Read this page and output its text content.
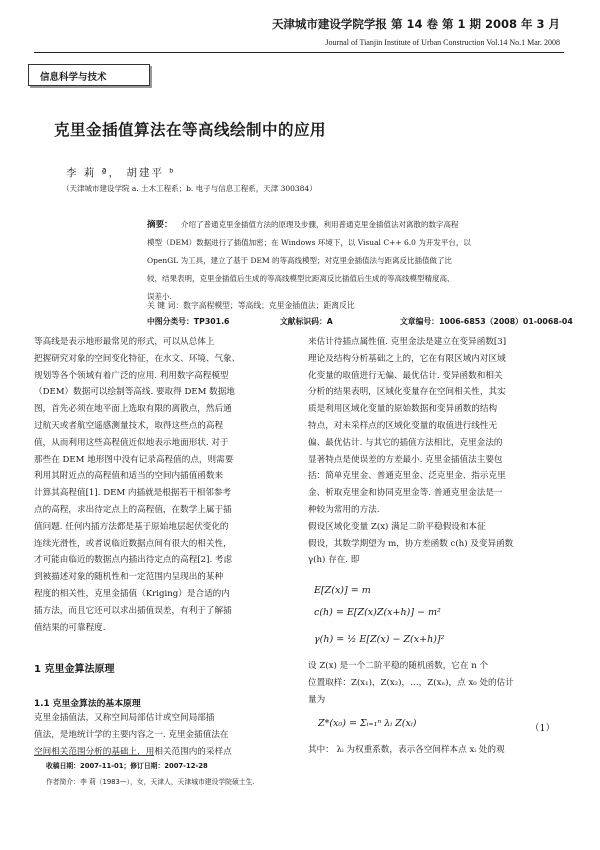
天津城市建设学院学报 第 14 卷 第 1 期 2008 年 3 月
Journal of Tianjin Institute of Urban Construction Vol.14 No.1 Mar. 2008
信息科学与技术
克里金插值算法在等高线绘制中的应用
李 莉 ª， 胡建平 ᵇ
（天津城市建设学院 a. 土木工程系；b. 电子与信息工程系，天津 300384）
摘要： 介绍了普通克里金插值方法的原理及步骤，利用普通克里金插值法对离散的数字高程
模型（DEM）数据进行了插值加密；在 Windows 环境下，以 Visual C++ 6.0 为开发平台，以
OpenGL 为工具，建立了基于 DEM 的等高线模型；对克里金插值法与距离反比插值做了比
较，结果表明，克里金插值后生成的等高线模型比距离反比插值后生成的等高线模型精度高、
误差小.
关 键 词：数字高程模型；等高线；克里金插值法；距离反比
中图分类号：TP301.6	文献标识码：A	文章编号：1006-6853（2008）01-0068-04
等高线是表示地形最常见的形式，可以从总体上
把握研究对象的空间变化特征，在水文、环境、气象、
规划等各个领域有着广泛的应用. 利用数字高程模型
（DEM）数据可以绘制等高线. 要取得 DEM 数据地
图，首先必须在地平面上选取有限的离散点，然后通
过航天或者航空遥感测量技术，取得这些点的高程
值，从而利用这些高程值近似地表示地面形状. 对于
那些在 DEM 地形图中没有记录高程值的点，则需要
利用其附近点的高程值和适当的空间内插值函数来
计算其高程值[1]. DEM 内插就是根据若干相邻参考
点的高程，求出待定点上的高程值，在数学上属于插
值问题. 任何内插方法都是基于原始地层起伏变化的
连续光滑性，或者说临近数据点间有很大的相关性，
才可能由临近的数据点内插出待定点的高程[2]. 考虑
到被描述对象的随机性和一定范围内呈现出的某种
程度的相关性，克里金插值（Kriging）是合适的内
插方法，而且它还可以求出插值误差，有利于了解插
值结果的可靠程度.
1 克里金算法原理
1.1 克里金算法的基本原理
克里金插值法，又称空间局部估计或空间局部插
值法，是地统计学的主要内容之一. 克里金插值法在
空间相关范围分析的基础上，用相关范围内的采样点
来估计待插点属性值. 克里金法是建立在变异函数[3]
理论及结构分析基础之上的，它在有限区域内对区域
化变量的取值进行无偏、最优估计. 变异函数和相关
分析的结果表明，区域化变量存在空间相关性，其实
质是利用区域化变量的原始数据和变异函数的结构
特点，对未采样点的区域化变量的取值进行线性无
偏、最优估计. 与其它的插值方法相比，克里金法的
显著特点是使误差的方差最小. 克里金插值法主要包
括：简单克里金、普通克里金、泛克里金、指示克里
金、析取克里金和协同克里金等. 普通克里金法是一
种较为常用的方法.
假设区域化变量 Z(x) 满足二阶平稳假设和本征
假设，其数学期望为 m，协方差函数 c(h) 及变异函数
γ(h) 存在. 即
E[Z(x)] = m
c(h) = E[Z(x)Z(x+h)] − m²
γ(h) = ½ E[Z(x) − Z(x+h)]²
设 Z(x) 是一个二阶平稳的随机函数，它在 n 个
位置取样：Z(x₁)，Z(x₂)，…，Z(xₙ)，点 x₀ 处的估计
量为
Z*(x₀) = Σᵢ₌₁ⁿ λᵢ Z(xᵢ)	（1）
其中： λᵢ 为权重系数，表示各空间样本点 xᵢ 处的观
收稿日期：2007-11-01；修订日期：2007-12-28
作者简介：李 莉（1983—），女，天津人，天津城市建设学院硕士生.
